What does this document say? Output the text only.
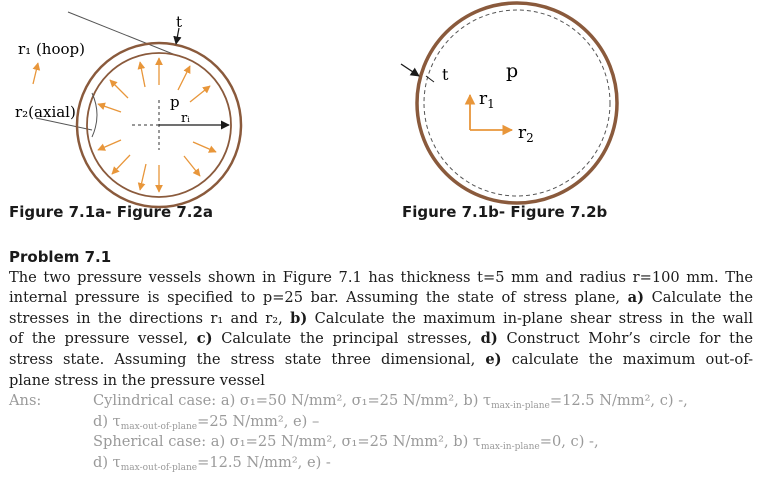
r₁ (hoop)
r₂(axial)
t
p
rᵢ
t	p
$r_1$
$r_2$
Figure 7.1a- Figure 7.2a	Figure 7.1b- Figure 7.2b
Problem 7.1
The two pressure vessels shown in Figure 7.1 has thickness t=5 mm and radius r=100 mm. The
internal pressure is specified to p=25 bar. Assuming the state of stress plane, a) Calculate the
stresses in the directions r₁ and r₂, b) Calculate the maximum in-plane shear stress in the wall
of the pressure vessel, c) Calculate the principal stresses, d) Construct Mohr’s circle for the
stress state. Assuming the stress state three dimensional, e) calculate the maximum out-of-
plane stress in the pressure vessel
Ans:	Cylindrical case: a) σ₁=50 N/mm², σ₁=25 N/mm², b) $\tau_{max-in-plane}=12.5$ N/mm², c) -,
d) $\tau_{max-out-of-plane}=25$ N/mm², e) –
Spherical case: a) σ₁=25 N/mm², σ₁=25 N/mm², b) $\tau_{max-in-plane}=0$, c) -,
d) $\tau_{max-out-of-plane}=12.5$ N/mm², e) -
